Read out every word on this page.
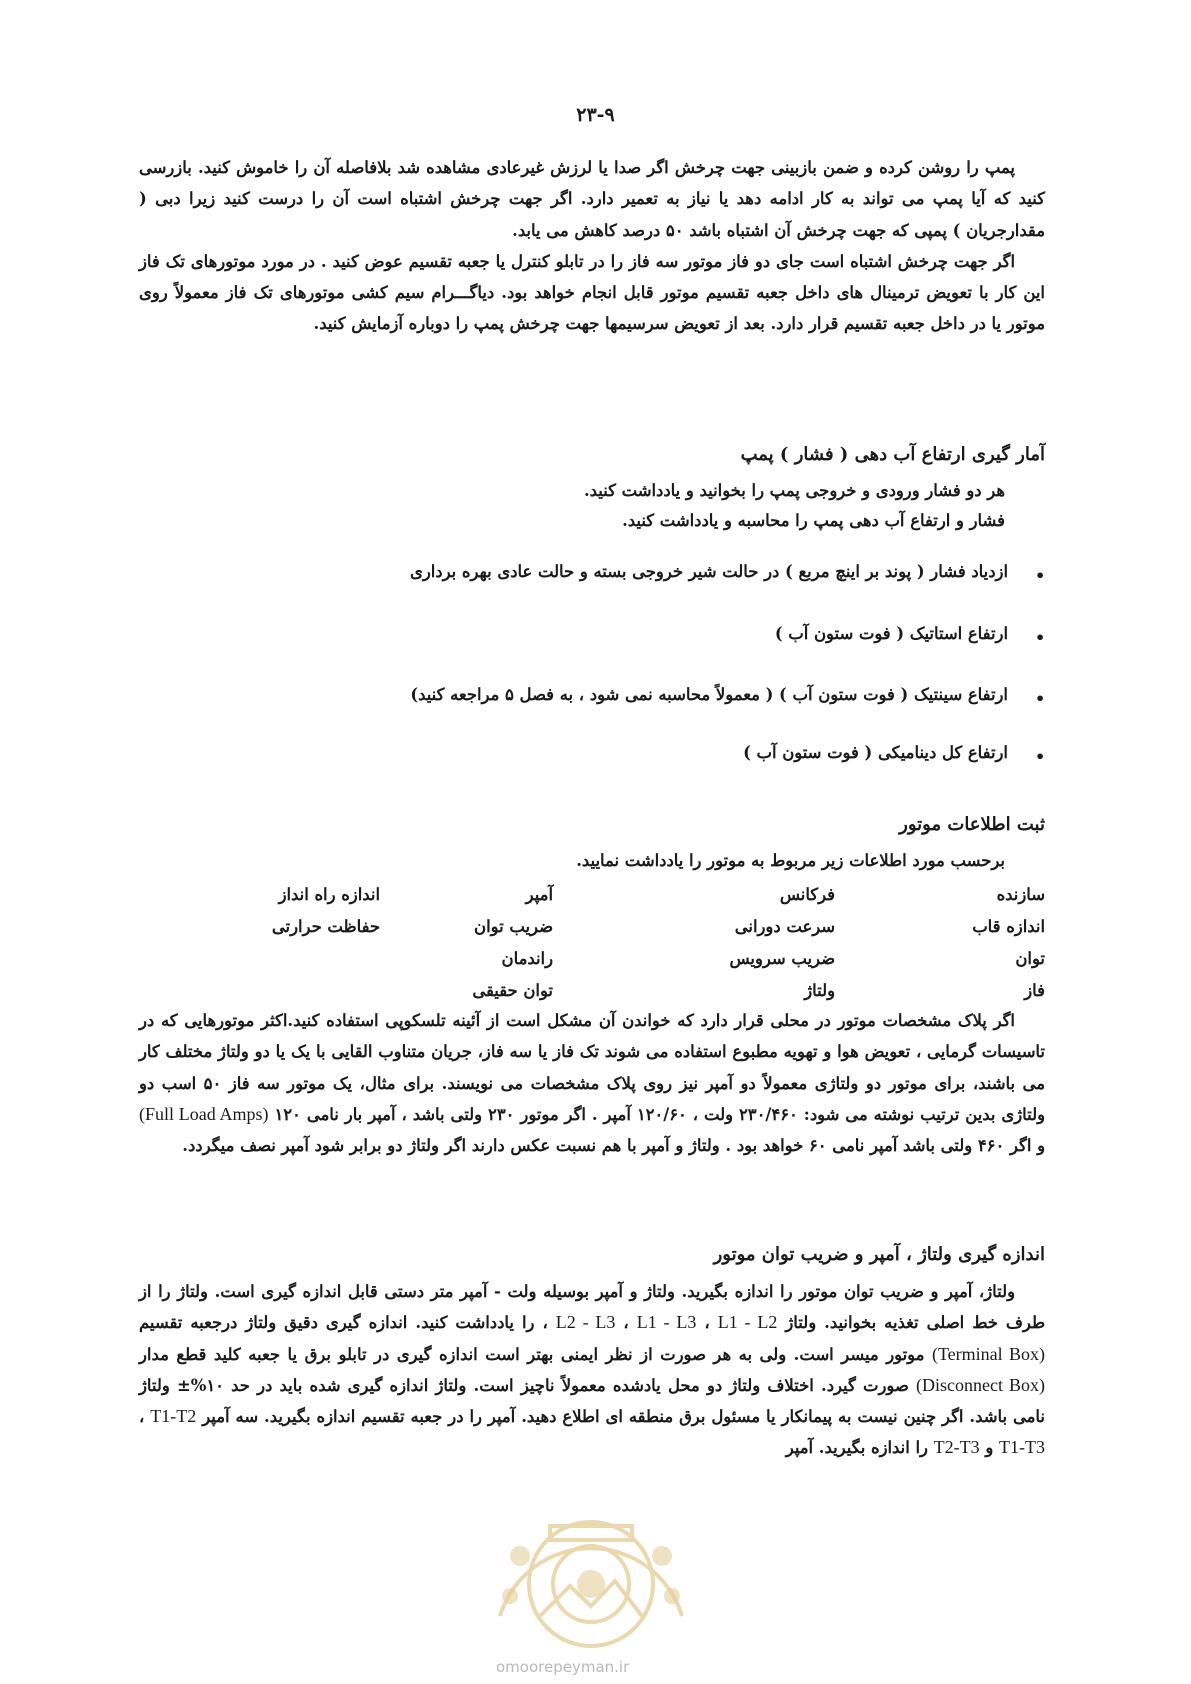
۲۳-۹

پمپ را روشن کرده و ضمن بازبینی جهت چرخش اگر صدا یا لرزش غیرعادی مشاهده شد بلافاصله آن را خاموش کنید. بازرسی کنید که آیا پمپ می تواند به کار ادامه دهد یا نیاز به تعمیر دارد. اگر جهت چرخش اشتباه است آن را درست کنید زیرا دبی ( مقدارجریان ) پمپی که جهت چرخش آن اشتباه باشد ۵۰ درصد کاهش می یابد.

اگر جهت چرخش اشتباه است جای دو فاز موتور سه فاز را در تابلو کنترل یا جعبه تقسیم عوض کنید . در مورد موتورهای تک فاز این کار با تعویض ترمینال های داخل جعبه تقسیم موتور قابل انجام خواهد بود. دیاگـــرام سیم کشی موتورهای تک فاز معمولاً روی موتور یا در داخل جعبه تقسیم قرار دارد. بعد از تعویض سرسیمها جهت چرخش پمپ را دوباره آزمایش کنید.

آمار گیری ارتفاع آب دهی ( فشار ) پمپ
هر دو فشار ورودی و خروجی پمپ را بخوانید و یادداشت کنید.
فشار و ارتفاع آب دهی پمپ را محاسبه و یادداشت کنید.
•
ازدیاد فشار ( پوند بر اینچ مربع ) در حالت شیر خروجی بسته و حالت عادی بهره برداری
•
ارتفاع استاتیک ( فوت ستون آب )
•
ارتفاع سینتیک ( فوت ستون آب ) ( معمولاً محاسبه نمی شود ، به فصل ۵ مراجعه کنید)
•
ارتفاع کل دینامیکی ( فوت ستون آب )
ثبت اطلاعات موتور
برحسب مورد اطلاعات زیر مربوط به موتور را یادداشت نمایید.
سازنده	فرکانس	آمپر	اندازه راه انداز
اندازه قاب	سرعت دورانی	ضریب توان	حفاظت حرارتی
توان	ضریب سرویس	راندمان	
فاز	ولتاژ	توان حقیقی	

اگر پلاک مشخصات موتور در محلی قرار دارد که خواندن آن مشکل است از آئینه تلسکوپی استفاده کنید.اکثر موتورهایی که در تاسیسات گرمایی ، تعویض هوا و تهویه مطبوع استفاده می شوند تک فاز یا سه فاز، جریان متناوب القایی با یک یا دو ولتاژ مختلف کار می باشند، برای موتور دو ولتاژی معمولاً دو آمپر نیز روی پلاک مشخصات می نویسند. برای مثال، یک موتور سه فاز ۵۰ اسب دو ولتاژی بدین ترتیب نوشته می شود: ۲۳۰/۴۶۰ ولت ، ۱۲۰/۶۰ آمپر . اگر موتور ۲۳۰ ولتی باشد ، آمپر بار نامی ۱۲۰ (Full Load Amps) و اگر ۴۶۰ ولتی باشد آمپر نامی ۶۰ خواهد بود . ولتاژ و آمپر با هم نسبت عکس دارند اگر ولتاژ دو برابر شود آمپر نصف میگردد.

اندازه گیری ولتاژ ، آمپر و ضریب توان موتور

ولتاژ، آمپر و ضریب توان موتور را اندازه بگیرید. ولتاژ و آمپر بوسیله ولت - آمپر متر دستی قابل اندازه گیری است. ولتاژ را از طرف خط اصلی تغذیه بخوانید. ولتاژ L1 - L2 ، L1 - L3 ، L2 - L3 ، را یادداشت کنید. اندازه گیری دقیق ولتاژ درجعبه تقسیم (Terminal Box) موتور میسر است. ولی به هر صورت از نظر ایمنی بهتر است اندازه گیری در تابلو برق یا جعبه کلید قطع مدار (Disconnect Box) صورت گیرد. اختلاف ولتاژ دو محل یادشده معمولاً ناچیز است. ولتاژ اندازه گیری شده باید در حد ۱۰%± ولتاژ نامی باشد. اگر چنین نیست به پیمانکار یا مسئول برق منطقه ای اطلاع دهید. آمپر را در جعبه تقسیم اندازه بگیرید. سه آمپر T1-T2 ، T1-T3 و T2-T3 را اندازه بگیرید. آمپر

omoorepeyman.ir
